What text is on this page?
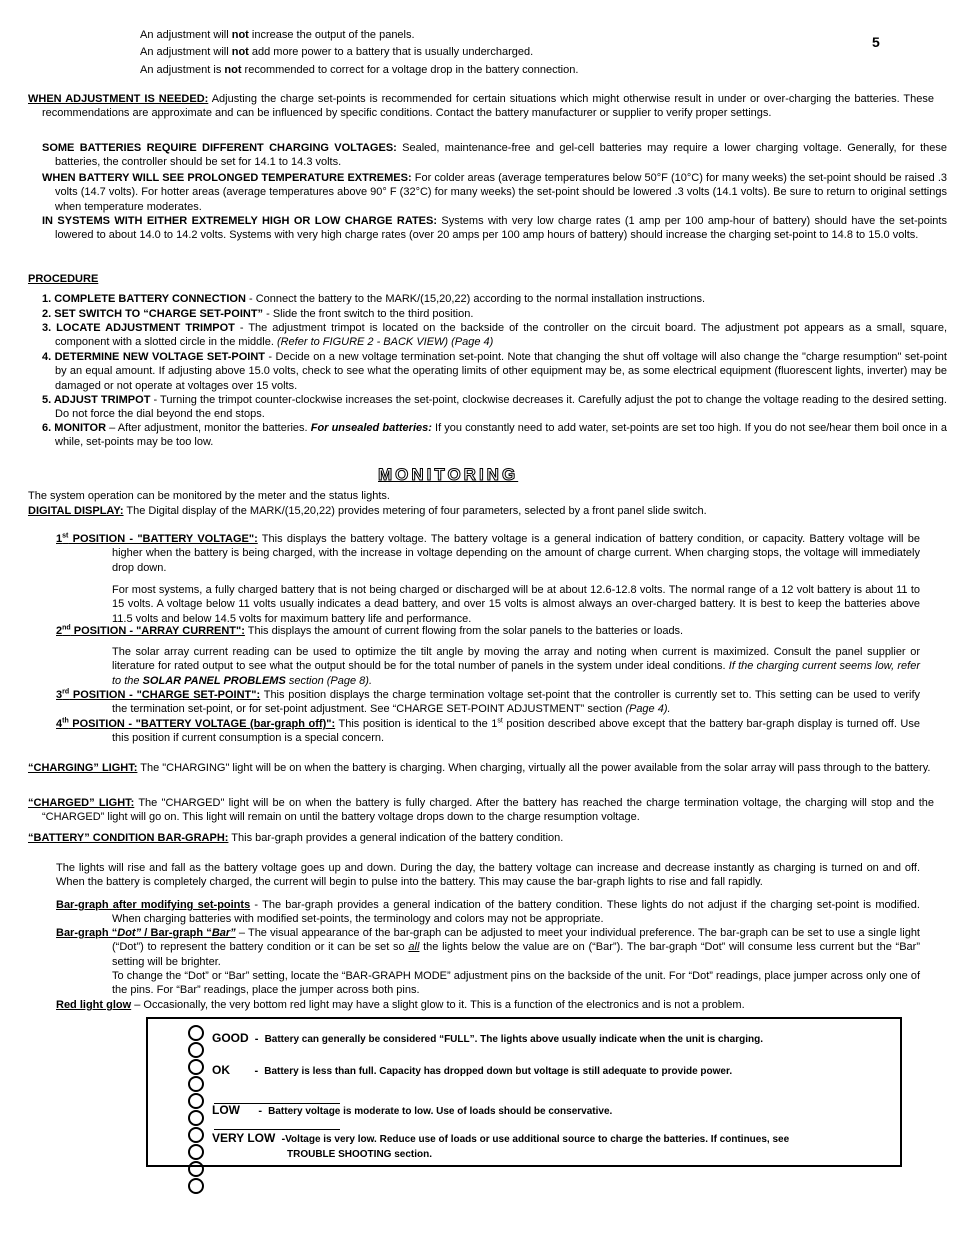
5
An adjustment will not increase the output of the panels.
An adjustment will not add more power to a battery that is usually undercharged.
An adjustment is not recommended to correct for a voltage drop in the battery connection.
WHEN ADJUSTMENT IS NEEDED: Adjusting the charge set-points is recommended for certain situations which might otherwise result in under or over-charging the batteries. These recommendations are approximate and can be influenced by specific conditions. Contact the battery manufacturer or supplier to verify proper settings.
SOME BATTERIES REQUIRE DIFFERENT CHARGING VOLTAGES: Sealed, maintenance-free and gel-cell batteries may require a lower charging voltage. Generally, for these batteries, the controller should be set for 14.1 to 14.3 volts.
WHEN BATTERY WILL SEE PROLONGED TEMPERATURE EXTREMES: For colder areas (average temperatures below 50°F (10°C) for many weeks) the set-point should be raised .3 volts (14.7 volts). For hotter areas (average temperatures above 90° F (32°C) for many weeks) the set-point should be lowered .3 volts (14.1 volts). Be sure to return to original settings when temperature moderates.
IN SYSTEMS WITH EITHER EXTREMELY HIGH OR LOW CHARGE RATES: Systems with very low charge rates (1 amp per 100 amp-hour of battery) should have the set-points lowered to about 14.0 to 14.2 volts. Systems with very high charge rates (over 20 amps per 100 amp hours of battery) should increase the charging set-point to 14.8 to 15.0 volts.
PROCEDURE
1. COMPLETE BATTERY CONNECTION - Connect the battery to the MARK/(15,20,22) according to the normal installation instructions.
2. SET SWITCH TO “CHARGE SET-POINT” - Slide the front switch to the third position.
3. LOCATE ADJUSTMENT TRIMPOT - The adjustment trimpot is located on the backside of the controller on the circuit board. The adjustment pot appears as a small, square, component with a slotted circle in the middle. (Refer to FIGURE 2 - BACK VIEW) (Page 4)
4. DETERMINE NEW VOLTAGE SET-POINT - Decide on a new voltage termination set-point. Note that changing the shut off voltage will also change the "charge resumption" set-point by an equal amount. If adjusting above 15.0 volts, check to see what the operating limits of other equipment may be, as some electrical equipment (fluorescent lights, inverter) may be damaged or not operate at voltages over 15 volts.
5. ADJUST TRIMPOT - Turning the trimpot counter-clockwise increases the set-point, clockwise decreases it. Carefully adjust the pot to change the voltage reading to the desired setting. Do not force the dial beyond the end stops.
6. MONITOR – After adjustment, monitor the batteries. For unsealed batteries: If you constantly need to add water, set-points are set too high. If you do not see/hear them boil once in a while, set-points may be too low.
MONITORING
The system operation can be monitored by the meter and the status lights.
DIGITAL DISPLAY: The Digital display of the MARK/(15,20,22) provides metering of four parameters, selected by a front panel slide switch.
1st POSITION - "BATTERY VOLTAGE": This displays the battery voltage. The battery voltage is a general indication of battery condition, or capacity. Battery voltage will be higher when the battery is being charged, with the increase in voltage depending on the amount of charge current. When charging stops, the voltage will immediately drop down.
For most systems, a fully charged battery that is not being charged or discharged will be at about 12.6-12.8 volts. The normal range of a 12 volt battery is about 11 to 15 volts. A voltage below 11 volts usually indicates a dead battery, and over 15 volts is almost always an over-charged battery. It is best to keep the batteries above 11.5 volts and below 14.5 volts for maximum battery life and performance.
2nd POSITION - "ARRAY CURRENT": This displays the amount of current flowing from the solar panels to the batteries or loads.
The solar array current reading can be used to optimize the tilt angle by moving the array and noting when current is maximized. Consult the panel supplier or literature for rated output to see what the output should be for the total number of panels in the system under ideal conditions. If the charging current seems low, refer to the SOLAR PANEL PROBLEMS section (Page 8).
3rd POSITION - "CHARGE SET-POINT": This position displays the charge termination voltage set-point that the controller is currently set to. This setting can be used to verify the termination set-point, or for set-point adjustment. See “CHARGE SET-POINT ADJUSTMENT” section (Page 4).
4th POSITION - "BATTERY VOLTAGE (bar-graph off)": This position is identical to the 1st position described above except that the battery bar-graph display is turned off. Use this position if current consumption is a special concern.
“CHARGING” LIGHT: The "CHARGING" light will be on when the battery is charging. When charging, virtually all the power available from the solar array will pass through to the battery.
“CHARGED” LIGHT: The "CHARGED" light will be on when the battery is fully charged. After the battery has reached the charge termination voltage, the charging will stop and the “CHARGED” light will go on. This light will remain on until the battery voltage drops down to the charge resumption voltage.
“BATTERY” CONDITION BAR-GRAPH: This bar-graph provides a general indication of the battery condition.
The lights will rise and fall as the battery voltage goes up and down. During the day, the battery voltage can increase and decrease instantly as charging is turned on and off. When the battery is completely charged, the current will begin to pulse into the battery. This may cause the bar-graph lights to rise and fall rapidly.
Bar-graph after modifying set-points - The bar-graph provides a general indication of the battery condition. These lights do not adjust if the charging set-point is modified. When charging batteries with modified set-points, the terminology and colors may not be appropriate.
Bar-graph “Dot” / Bar-graph “Bar” – The visual appearance of the bar-graph can be adjusted to meet your individual preference. The bar-graph can be set to use a single light (“Dot”) to represent the battery condition or it can be set so all the lights below the value are on (“Bar”). The bar-graph “Dot” will consume less current but the “Bar” setting will be brighter.
To change the “Dot” or “Bar” setting, locate the “BAR-GRAPH MODE” adjustment pins on the backside of the unit. For “Dot” readings, place jumper across only one of the pins. For “Bar” readings, place the jumper across both pins.
Red light glow – Occasionally, the very bottom red light may have a slight glow to it. This is a function of the electronics and is not a problem.
GOOD  -  Battery can generally be considered “FULL”. The lights above usually indicate when the unit is charging.
OK        -  Battery is less than full. Capacity has dropped down but voltage is still adequate to provide power.
LOW      -  Battery voltage is moderate to low. Use of loads should be conservative.
VERY LOW  -Voltage is very low. Reduce use of loads or use additional source to charge the batteries. If continues, see
TROUBLE SHOOTING section.
